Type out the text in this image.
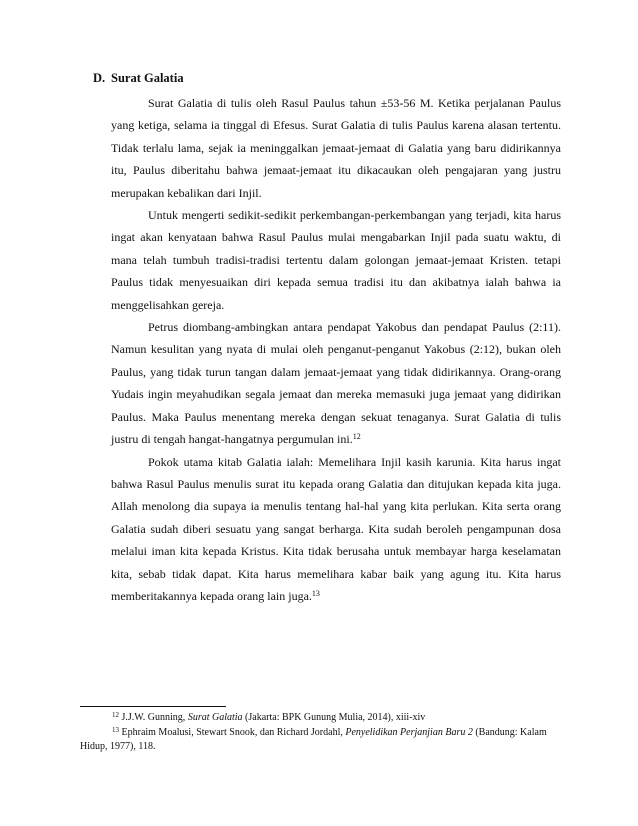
D. Surat Galatia

Surat Galatia di tulis oleh Rasul Paulus tahun ±53-56 M. Ketika perjalanan Paulus yang ketiga, selama ia tinggal di Efesus. Surat Galatia di tulis Paulus karena alasan tertentu. Tidak terlalu lama, sejak ia meninggalkan jemaat-jemaat di Galatia yang baru didirikannya itu, Paulus diberitahu bahwa jemaat-jemaat itu dikacaukan oleh pengajaran yang justru merupakan kebalikan dari Injil.

Untuk mengerti sedikit-sedikit perkembangan-perkembangan yang terjadi, kita harus ingat akan kenyataan bahwa Rasul Paulus mulai mengabarkan Injil pada suatu waktu, di mana telah tumbuh tradisi-tradisi tertentu dalam golongan jemaat-jemaat Kristen. tetapi Paulus tidak menyesuaikan diri kepada semua tradisi itu dan akibatnya ialah bahwa ia menggelisahkan gereja.

Petrus diombang-ambingkan antara pendapat Yakobus dan pendapat Paulus (2:11). Namun kesulitan yang nyata di mulai oleh penganut-penganut Yakobus (2:12), bukan oleh Paulus, yang tidak turun tangan dalam jemaat-jemaat yang tidak didirikannya. Orang-orang Yudais ingin meyahudikan segala jemaat dan mereka memasuki juga jemaat yang didirikan Paulus. Maka Paulus menentang mereka dengan sekuat tenaganya. Surat Galatia di tulis justru di tengah hangat-hangatnya pergumulan ini.$^{12}$

Pokok utama kitab Galatia ialah: Memelihara Injil kasih karunia. Kita harus ingat bahwa Rasul Paulus menulis surat itu kepada orang Galatia dan ditujukan kepada kita juga. Allah menolong dia supaya ia menulis tentang hal-hal yang kita perlukan. Kita serta orang Galatia sudah diberi sesuatu yang sangat berharga. Kita sudah beroleh pengampunan dosa melalui iman kita kepada Kristus. Kita tidak berusaha untuk membayar harga keselamatan kita, sebab tidak dapat. Kita harus memelihara kabar baik yang agung itu. Kita harus memberitakannya kepada orang lain juga.$^{13}$

$^{12}$ J.J.W. Gunning, Surat Galatia (Jakarta: BPK Gunung Mulia, 2014), xiii-xiv

$^{13}$ Ephraim Moalusi, Stewart Snook, dan Richard Jordahl, Penyelidikan Perjanjian Baru 2 (Bandung: Kalam Hidup, 1977), 118.
